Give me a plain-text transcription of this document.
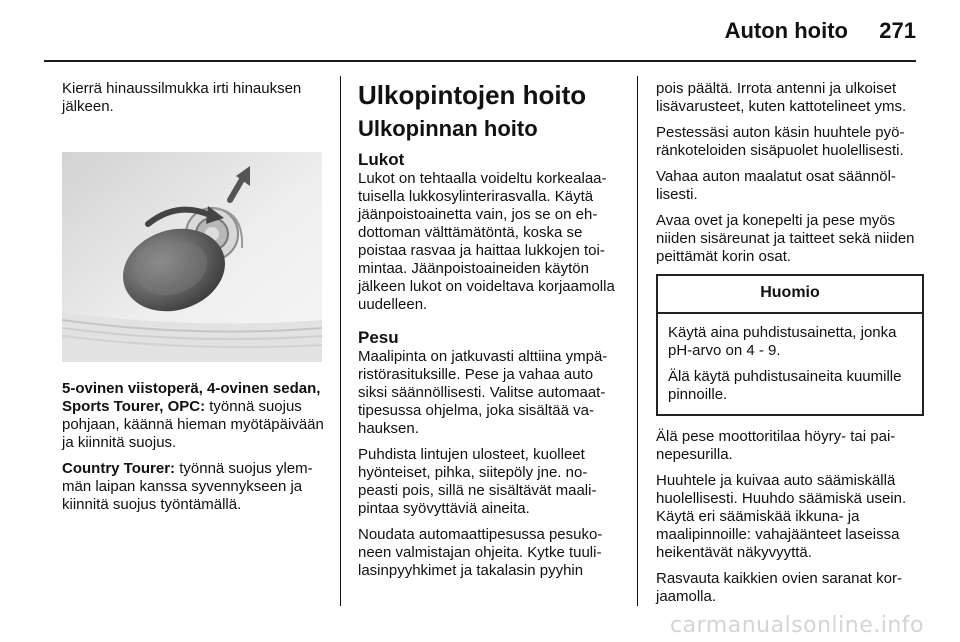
Auton hoito 271

Kierrä hinaussilmukka irti hinauksen jälkeen.

5-ovinen viistoperä, 4-ovinen sedan, Sports Tourer, OPC: työnnä suojus pohjaan, käännä hieman myötäpäivään ja kiinnitä suojus.

Country Tourer: työnnä suojus ylemmän laipan kanssa syvennykseen ja kiinnitä suojus työntämällä.

Ulkopintojen hoito
Ulkopinnan hoito
Lukot

Lukot on tehtaalla voideltu korkealaatuisella lukkosylinterirasvalla. Käytä jäänpoistoainetta vain, jos se on ehdottoman välttämätöntä, koska se poistaa rasvaa ja haittaa lukkojen toimintaa. Jäänpoistoaineiden käytön jälkeen lukot on voideltava korjaamolla uudelleen.

Pesu

Maalipinta on jatkuvasti alttiina ympäristörasituksille. Pese ja vahaa auto siksi säännöllisesti. Valitse automaattipesussa ohjelma, joka sisältää vahauksen.

Puhdista lintujen ulosteet, kuolleet hyönteiset, pihka, siitepöly jne. nopeasti pois, sillä ne sisältävät maalipintaa syövyttäviä aineita.

Noudata automaattipesussa pesukoneen valmistajan ohjeita. Kytke tuulilasinpyyhkimet ja takalasin pyyhin

pois päältä. Irrota antenni ja ulkoiset lisävarusteet, kuten kattotelineet yms.

Pestessäsi auton käsin huuhtele pyöränkoteloiden sisäpuolet huolellisesti.

Vahaa auton maalatut osat säännöllisesti.

Avaa ovet ja konepelti ja pese myös niiden sisäreunat ja taitteet sekä niiden peittämät korin osat.

Huomio

Käytä aina puhdistusainetta, jonka pH-arvo on 4 - 9.

Älä käytä puhdistusaineita kuumille pinnoille.

Älä pese moottoritilaa höyry- tai painepesurilla.

Huuhtele ja kuivaa auto säämiskällä huolellisesti. Huuhdo säämiskä usein. Käytä eri säämiskää ikkuna- ja maalipinnoille: vahajäänteet laseissa heikentävät näkyvyyttä.

Rasvauta kaikkien ovien saranat korjaamolla.

carmanualsonline.info
